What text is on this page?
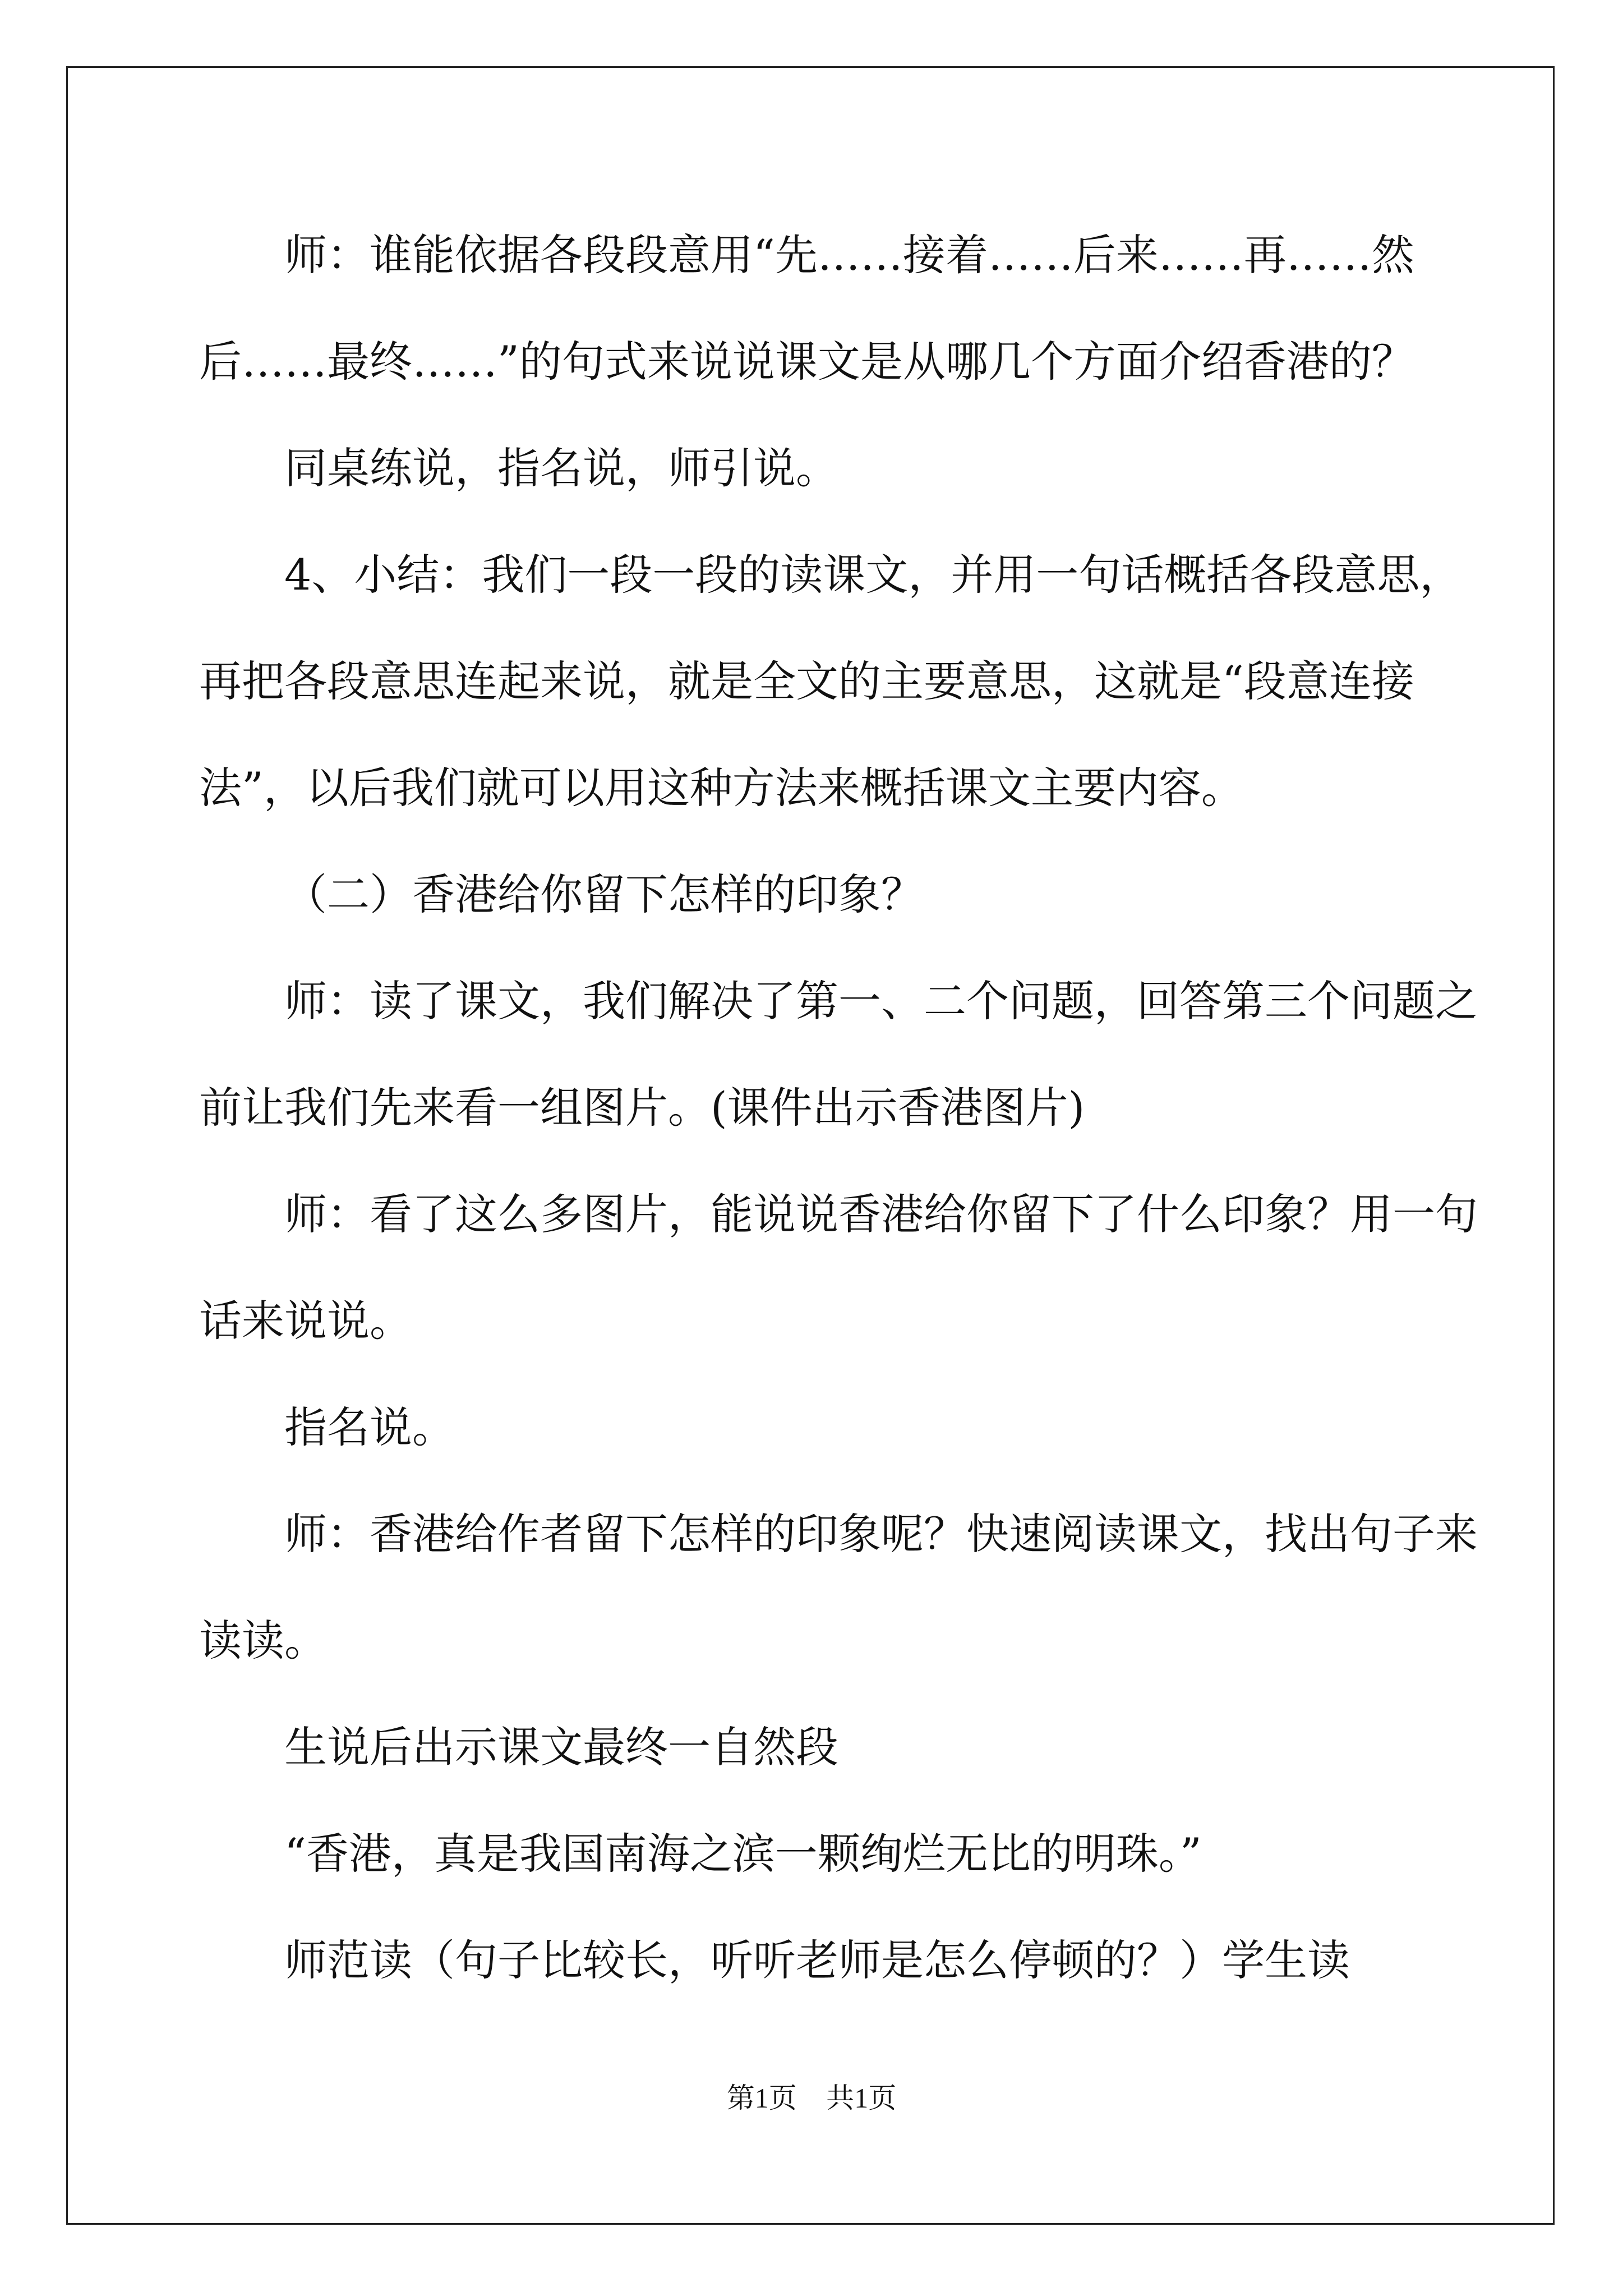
师：谁能依据各段段意用“先……接着……后来……再……然后……最终……”的句式来说说课文是从哪几个方面介绍香港的？

同桌练说，指名说，师引说。

4、小结：我们一段一段的读课文，并用一句话概括各段意思，再把各段意思连起来说，就是全文的主要意思，这就是“段意连接法”，以后我们就可以用这种方法来概括课文主要内容。

（二）香港给你留下怎样的印象？

师：读了课文，我们解决了第一、二个问题，回答第三个问题之前让我们先来看一组图片。(课件出示香港图片)

师：看了这么多图片，能说说香港给你留下了什么印象？用一句话来说说。

指名说。

师：香港给作者留下怎样的印象呢？快速阅读课文，找出句子来读读。

生说后出示课文最终一自然段

“香港，真是我国南海之滨一颗绚烂无比的明珠。”

师范读（句子比较长，听听老师是怎么停顿的？）学生读

第1页 共1页
